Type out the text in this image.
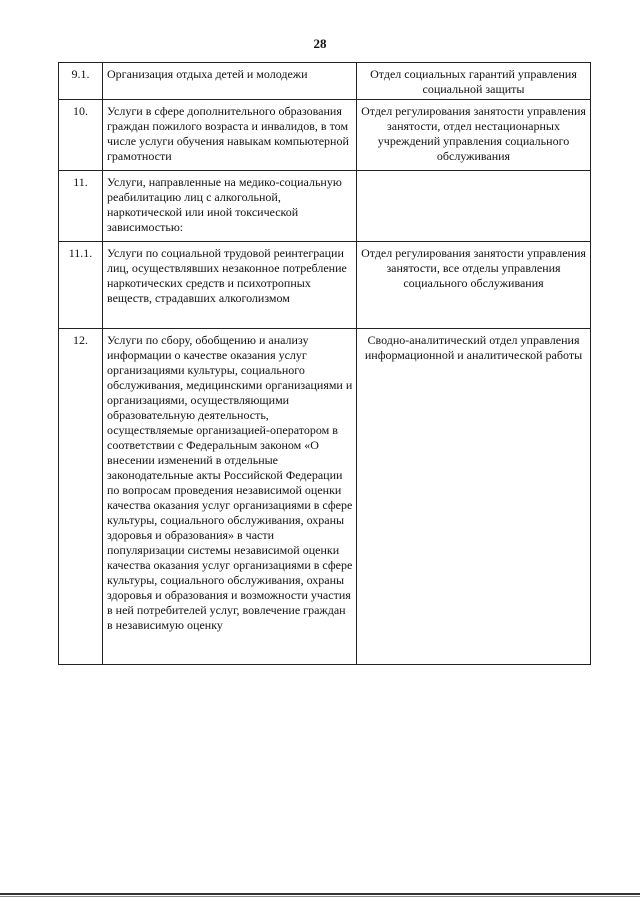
28
9.1.	Организация отдыха детей и молодежи	Отдел социальных гарантий управления социальной защиты
10.	Услуги в сфере дополнительного образования граждан пожилого возраста и инвалидов, в том числе услуги обучения навыкам компьютерной грамотности	Отдел регулирования занятости управления занятости, отдел нестационарных учреждений управления социального обслуживания
11.	Услуги, направленные на медико-социальную реабилитацию лиц с алкогольной, наркотической или иной токсической зависимостью:	
11.1.	Услуги по социальной трудовой реинтеграции лиц, осуществлявших незаконное потребление наркотических средств и психотропных веществ, страдавших алкоголизмом	Отдел регулирования занятости управления занятости, все отделы управления социального обслуживания
12.	Услуги по сбору, обобщению и анализу информации о качестве оказания услуг организациями культуры, социального обслуживания, медицинскими организациями и организациями, осуществляющими образовательную деятельность, осуществляемые организацией-оператором в соответствии с Федеральным законом «О внесении изменений в отдельные законодательные акты Российской Федерации по вопросам проведения независимой оценки качества оказания услуг организациями в сфере культуры, социального обслуживания, охраны здоровья и образования» в части популяризации системы независимой оценки качества оказания услуг организациями в сфере культуры, социального обслуживания, охраны здоровья и образования и возможности участия в ней потребителей услуг, вовлечение граждан в независимую оценку	Сводно-аналитический отдел управления информационной и аналитической работы
